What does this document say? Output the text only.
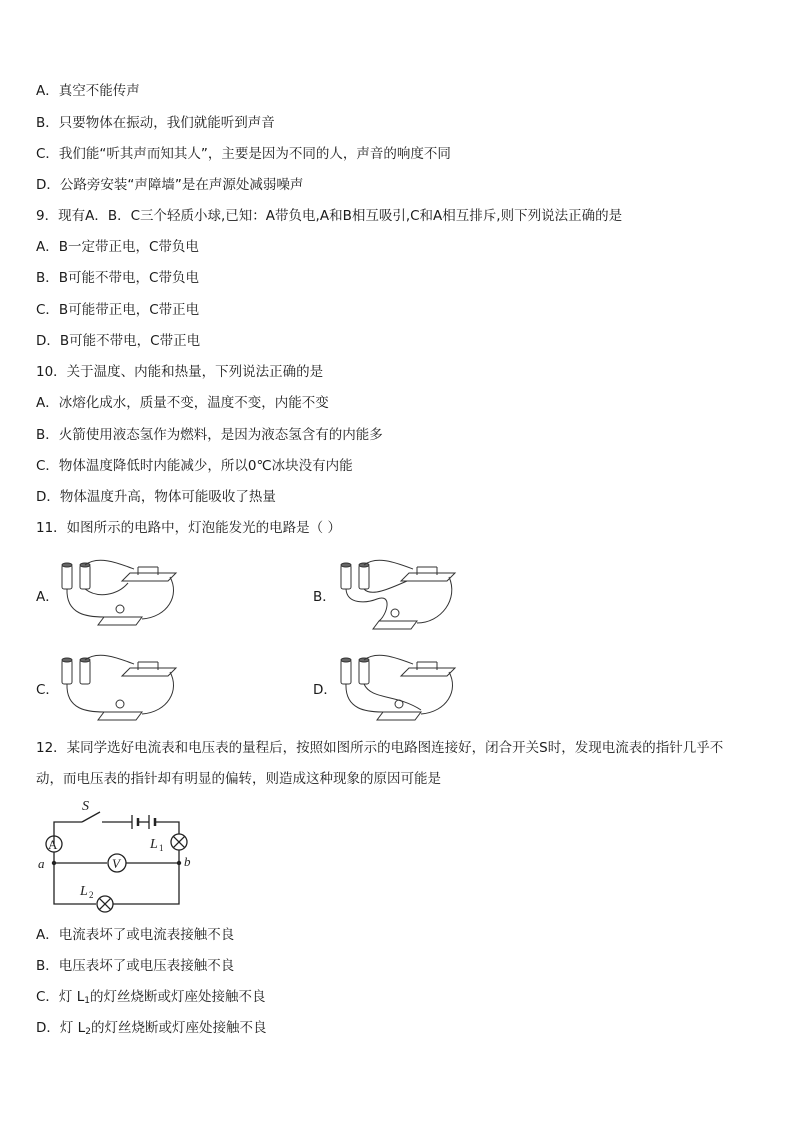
A．真空不能传声
B．只要物体在振动，我们就能听到声音
C．我们能“听其声而知其人”，主要是因为不同的人，声音的响度不同
D．公路旁安装“声障墙”是在声源处减弱噪声
9．现有A．B．C三个轻质小球,已知：A带负电,A和B相互吸引,C和A相互排斥,则下列说法正确的是
A．B一定带正电，C带负电
B．B可能不带电，C带负电
C．B可能带正电，C带正电
D．B可能不带电，C带正电
10．关于温度、内能和热量，下列说法正确的是
A．冰熔化成水，质量不变，温度不变，内能不变
B．火箭使用液态氢作为燃料，是因为液态氢含有的内能多
C．物体温度降低时内能减少，所以0℃冰块没有内能
D．物体温度升高，物体可能吸收了热量
11．如图所示的电路中，灯泡能发光的电路是（ ）
A．	B．
C．	D．
12．某同学选好电流表和电压表的量程后，按照如图所示的电路图连接好，闭合开关S时，发现电流表的指针几乎不
动，而电压表的指针却有明显的偏转，则造成这种现象的原因可能是
A
V
S
L 1
L 2
a	b
A．电流表坏了或电流表接触不良
B．电压表坏了或电压表接触不良
C．灯 $L_1$的灯丝烧断或灯座处接触不良
D．灯 $L_2$的灯丝烧断或灯座处接触不良
